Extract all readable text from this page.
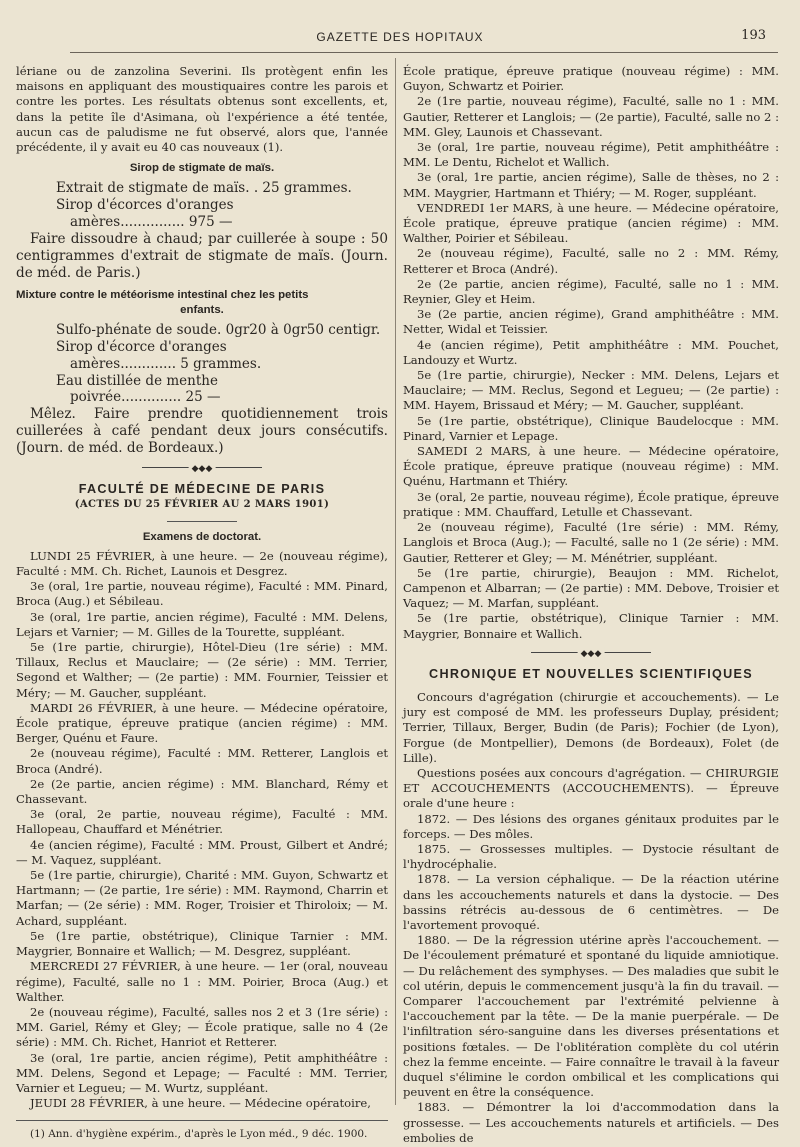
GAZETTE DES HOPITAUX	193

lériane ou de zanzolina Severini. Ils protègent enfin les maisons en appliquant des moustiquaires contre les parois et contre les portes. Les résultats obtenus sont excellents, et, dans la petite île d'Asimana, où l'expérience a été tentée, aucun cas de paludisme ne fut observé, alors que, l'année précédente, il y avait eu 40 cas nouveaux (1).

Sirop de stigmate de maïs.

Extrait de stigmate de maïs. . 25 grammes.
Sirop d'écorces d'oranges
amères............... 975 —

Faire dissoudre à chaud; par cuillerée à soupe : 50 centigrammes d'extrait de stigmate de maïs. (Journ. de méd. de Paris.)

Mixture contre le météorisme intestinal chez les petits

enfants.

Sulfo-phénate de soude. 0gr20 à 0gr50 centigr.
Sirop d'écorce d'oranges
amères............. 5 grammes.
Eau distillée de menthe
poivrée.............. 25 —

Mêlez. Faire prendre quotidiennement trois cuillerées à café pendant deux jours consécutifs. (Journ. de méd. de Bordeaux.)

◆◆◆

FACULTÉ DE MÉDECINE DE PARIS

(ACTES DU 25 FÉVRIER AU 2 MARS 1901)

Examens de doctorat.

LUNDI 25 FÉVRIER, à une heure. — 2e (nouveau régime), Faculté : MM. Ch. Richet, Launois et Desgrez.

3e (oral, 1re partie, nouveau régime), Faculté : MM. Pinard, Broca (Aug.) et Sébileau.

3e (oral, 1re partie, ancien régime), Faculté : MM. Delens, Lejars et Varnier; — M. Gilles de la Tourette, suppléant.

5e (1re partie, chirurgie), Hôtel-Dieu (1re série) : MM. Tillaux, Reclus et Mauclaire; — (2e série) : MM. Terrier, Segond et Walther; — (2e partie) : MM. Fournier, Teissier et Méry; — M. Gaucher, suppléant.

MARDI 26 FÉVRIER, à une heure. — Médecine opératoire, École pratique, épreuve pratique (ancien régime) : MM. Berger, Quénu et Faure.

2e (nouveau régime), Faculté : MM. Retterer, Langlois et Broca (André).

2e (2e partie, ancien régime) : MM. Blanchard, Rémy et Chassevant.

3e (oral, 2e partie, nouveau régime), Faculté : MM. Hallopeau, Chauffard et Ménétrier.

4e (ancien régime), Faculté : MM. Proust, Gilbert et André; — M. Vaquez, suppléant.

5e (1re partie, chirurgie), Charité : MM. Guyon, Schwartz et Hartmann; — (2e partie, 1re série) : MM. Raymond, Charrin et Marfan; — (2e série) : MM. Roger, Troisier et Thiroloix; — M. Achard, suppléant.

5e (1re partie, obstétrique), Clinique Tarnier : MM. Maygrier, Bonnaire et Wallich; — M. Desgrez, suppléant.

MERCREDI 27 FÉVRIER, à une heure. — 1er (oral, nouveau régime), Faculté, salle no 1 : MM. Poirier, Broca (Aug.) et Walther.

2e (nouveau régime), Faculté, salles nos 2 et 3 (1re série) : MM. Gariel, Rémy et Gley; — École pratique, salle no 4 (2e série) : MM. Ch. Richet, Hanriot et Retterer.

3e (oral, 1re partie, ancien régime), Petit amphithéâtre : MM. Delens, Segond et Lepage; — Faculté : MM. Terrier, Varnier et Legueu; — M. Wurtz, suppléant.

JEUDI 28 FÉVRIER, à une heure. — Médecine opératoire,

(1) Ann. d'hygiène expérim., d'après le Lyon méd., 9 déc. 1900.

École pratique, épreuve pratique (nouveau régime) : MM. Guyon, Schwartz et Poirier.

2e (1re partie, nouveau régime), Faculté, salle no 1 : MM. Gautier, Retterer et Langlois; — (2e partie), Faculté, salle no 2 : MM. Gley, Launois et Chassevant.

3e (oral, 1re partie, nouveau régime), Petit amphithéâtre : MM. Le Dentu, Richelot et Wallich.

3e (oral, 1re partie, ancien régime), Salle de thèses, no 2 : MM. Maygrier, Hartmann et Thiéry; — M. Roger, suppléant.

VENDREDI 1er MARS, à une heure. — Médecine opératoire, École pratique, épreuve pratique (ancien régime) : MM. Walther, Poirier et Sébileau.

2e (nouveau régime), Faculté, salle no 2 : MM. Rémy, Retterer et Broca (André).

2e (2e partie, ancien régime), Faculté, salle no 1 : MM. Reynier, Gley et Heim.

3e (2e partie, ancien régime), Grand amphithéâtre : MM. Netter, Widal et Teissier.

4e (ancien régime), Petit amphithéâtre : MM. Pouchet, Landouzy et Wurtz.

5e (1re partie, chirurgie), Necker : MM. Delens, Lejars et Mauclaire; — MM. Reclus, Segond et Legueu; — (2e partie) : MM. Hayem, Brissaud et Méry; — M. Gaucher, suppléant.

5e (1re partie, obstétrique), Clinique Baudelocque : MM. Pinard, Varnier et Lepage.

SAMEDI 2 MARS, à une heure. — Médecine opératoire, École pratique, épreuve pratique (nouveau régime) : MM. Quénu, Hartmann et Thiéry.

3e (oral, 2e partie, nouveau régime), École pratique, épreuve pratique : MM. Chauffard, Letulle et Chassevant.

2e (nouveau régime), Faculté (1re série) : MM. Rémy, Langlois et Broca (Aug.); — Faculté, salle no 1 (2e série) : MM. Gautier, Retterer et Gley; — M. Ménétrier, suppléant.

5e (1re partie, chirurgie), Beaujon : MM. Richelot, Campenon et Albarran; — (2e partie) : MM. Debove, Troisier et Vaquez; — M. Marfan, suppléant.

5e (1re partie, obstétrique), Clinique Tarnier : MM. Maygrier, Bonnaire et Wallich.

◆◆◆

CHRONIQUE ET NOUVELLES SCIENTIFIQUES

Concours d'agrégation (chirurgie et accouchements). — Le jury est composé de MM. les professeurs Duplay, président; Terrier, Tillaux, Berger, Budin (de Paris); Fochier (de Lyon), Forgue (de Montpellier), Demons (de Bordeaux), Folet (de Lille).

Questions posées aux concours d'agrégation. — CHIRURGIE ET ACCOUCHEMENTS (ACCOUCHEMENTS). — Épreuve orale d'une heure :

1872. — Des lésions des organes génitaux produites par le forceps. — Des môles.

1875. — Grossesses multiples. — Dystocie résultant de l'hydrocéphalie.

1878. — La version céphalique. — De la réaction utérine dans les accouchements naturels et dans la dystocie. — Des bassins rétrécis au-dessous de 6 centimètres. — De l'avortement provoqué.

1880. — De la régression utérine après l'accouchement. — De l'écoulement prématuré et spontané du liquide amniotique. — Du relâchement des symphyses. — Des maladies que subit le col utérin, depuis le commencement jusqu'à la fin du travail. — Comparer l'accouchement par l'extrémité pelvienne à l'accouchement par la tête. — De la manie puerpérale. — De l'infiltration séro-sanguine dans les diverses présentations et positions fœtales. — De l'oblitération complète du col utérin chez la femme enceinte. — Faire connaître le travail à la faveur duquel s'élimine le cordon ombilical et les complications qui peuvent en être la conséquence.

1883. — Démontrer la loi d'accommodation dans la grossesse. — Les accouchements naturels et artificiels. — Des embolies de
